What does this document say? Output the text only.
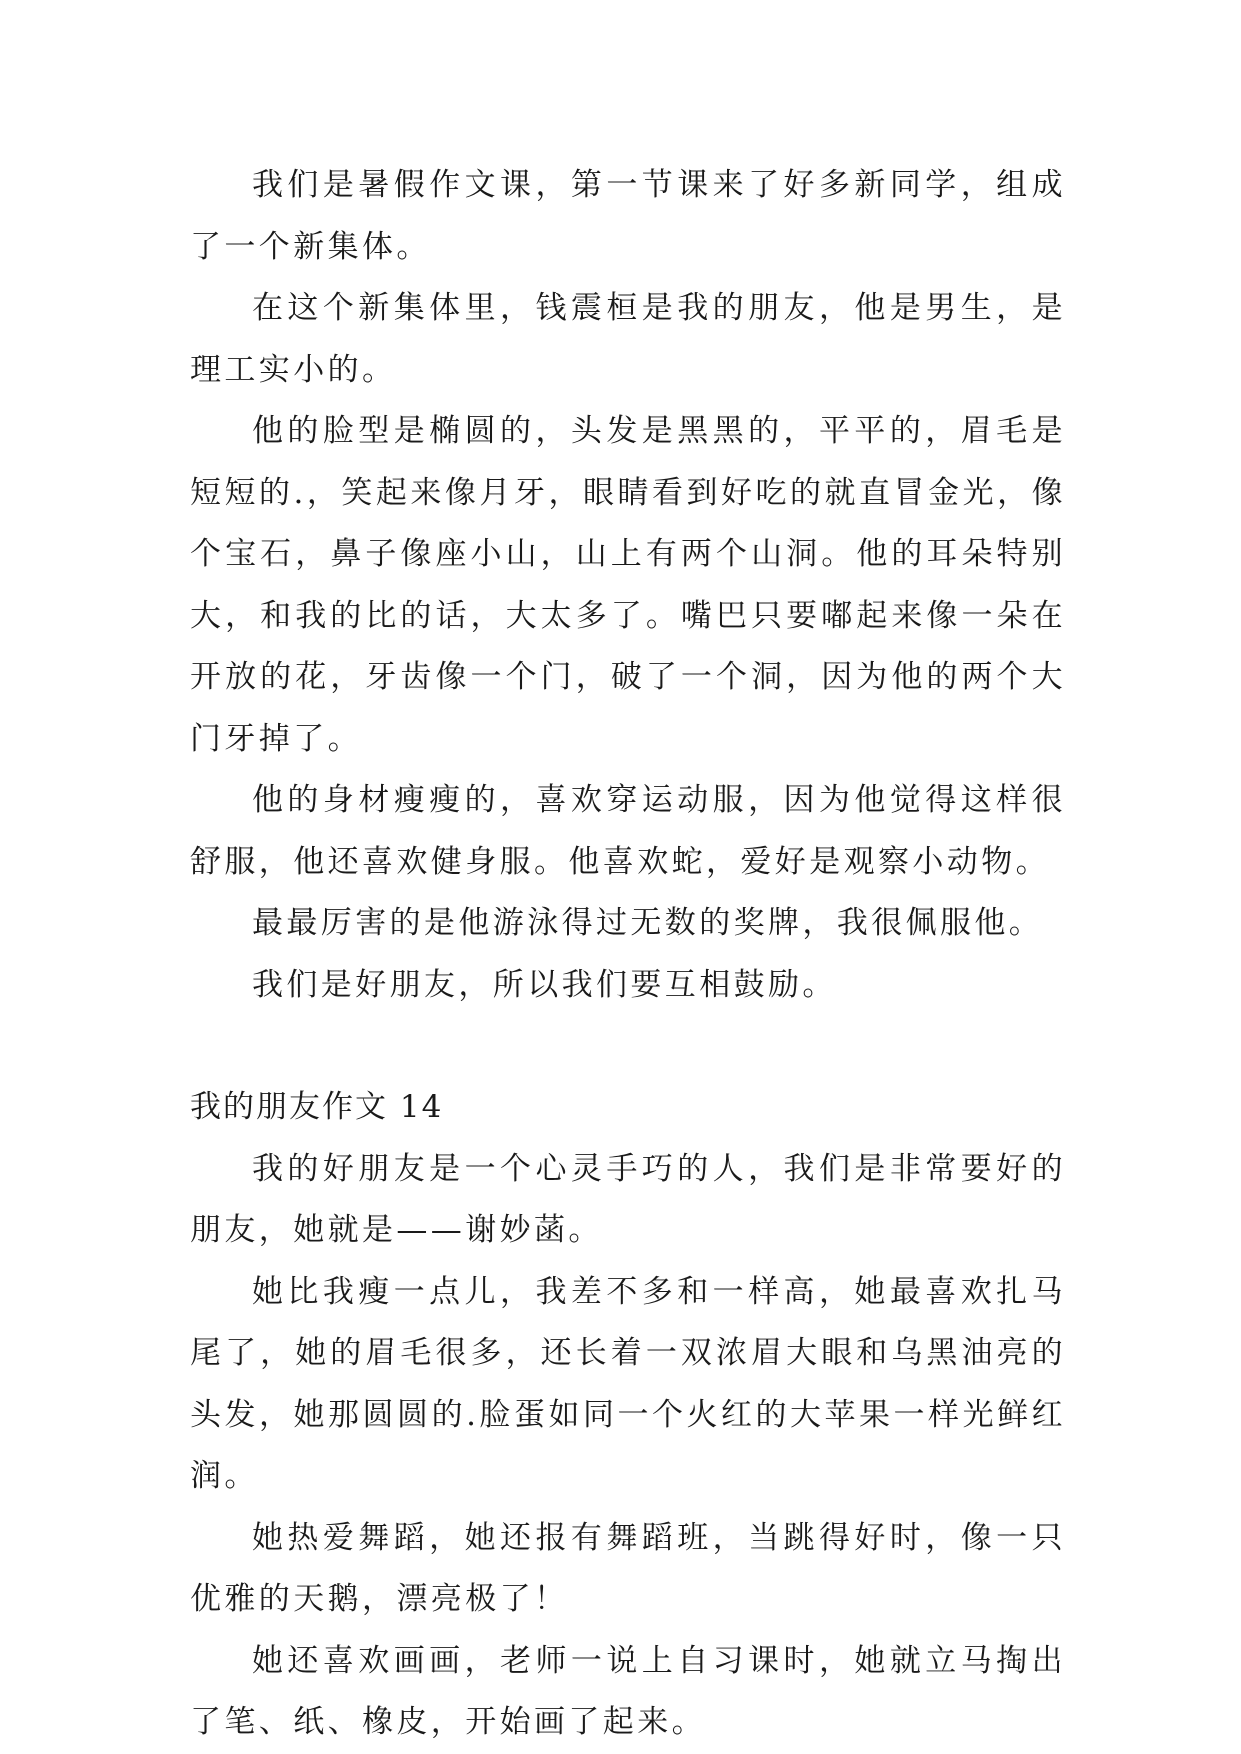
我们是暑假作文课，第一节课来了好多新同学，组成了一个新集体。

在这个新集体里，钱震桓是我的朋友，他是男生，是理工实小的。

他的脸型是椭圆的，头发是黑黑的，平平的，眉毛是短短的.，笑起来像月牙，眼睛看到好吃的就直冒金光，像个宝石，鼻子像座小山，山上有两个山洞。他的耳朵特别大，和我的比的话，大太多了。嘴巴只要嘟起来像一朵在开放的花，牙齿像一个门，破了一个洞，因为他的两个大门牙掉了。

他的身材瘦瘦的，喜欢穿运动服，因为他觉得这样很舒服，他还喜欢健身服。他喜欢蛇，爱好是观察小动物。

最最厉害的是他游泳得过无数的奖牌，我很佩服他。

我们是好朋友，所以我们要互相鼓励。

我的朋友作文 14

我的好朋友是一个心灵手巧的人，我们是非常要好的朋友，她就是——谢妙菡。

她比我瘦一点儿，我差不多和一样高，她最喜欢扎马尾了，她的眉毛很多，还长着一双浓眉大眼和乌黑油亮的头发，她那圆圆的.脸蛋如同一个火红的大苹果一样光鲜红润。

她热爱舞蹈，她还报有舞蹈班，当跳得好时，像一只优雅的天鹅，漂亮极了！

她还喜欢画画，老师一说上自习课时，她就立马掏出了笔、纸、橡皮，开始画了起来。
